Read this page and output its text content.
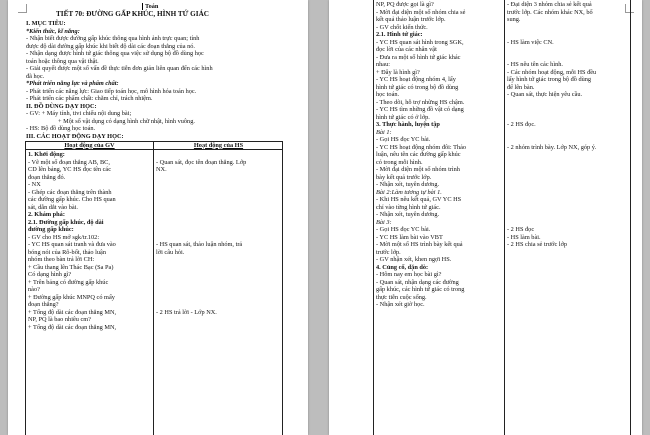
Toán
TIẾT 70: ĐƯỜNG GẤP KHÚC, HÌNH TỨ GIÁC
I. MỤC TIÊU:
*Kiến thức, kĩ năng:
- Nhận biết được đường gấp khúc thông qua hình ảnh trực quan; tính
được độ dài đường gấp khúc khi biết độ dài các đoạn thẳng của nó.
- Nhận dạng được hình tứ giác thông qua việc sử dụng bộ đồ dùng học
toán hoặc thông qua vật thật.
- Giải quyết được một số vấn đề thực tiễn đơn giản liên quan đến các hình
đã học.
*Phát triển năng lực và phẩm chất:
- Phát triển các năng lực: Giao tiếp toán học, mô hình hóa toán học.
- Phát triển các phẩm chất: chăm chỉ, trách nhiệm.
II. ĐỒ DÙNG DẠY HỌC:
- GV: + Máy tính, tivi chiếu nội dung bài;
+ Một số vật dụng có dạng hình chữ nhật, hình vuông.
- HS: Bộ đồ dùng học toán.
III. CÁC HOẠT ĐỘNG DẠY HỌC:
Hoạt động của GV	Hoạt động của HS
1. Khởi động:
- Vẽ một số đoạn thẳng AB, BC,
CD lên bảng, YC HS đọc tên các
đoạn thẳng đó.
- NX
- Ghép các đoạn thẳng trên thành
các đường gấp khúc. Cho HS quan
sát, dẫn dắt vào bài.
2. Khám phá:
2.1. Đường gấp khúc, độ dài
đường gấp khúc:
- GV cho HS mở sgk/tr.102:
- YC HS quan sát tranh và đưa vào
bóng nói của Rô-bốt, thảo luận
nhóm theo bàn trả lời CH:
+ Cầu thang lên Thác Bạc (Sa Pa)
Có dạng hình gì?
+ Trên bảng có đường gấp khúc
nào?
+ Đường gấp khúc MNPQ có mấy
đoạn thẳng?
+ Tổng độ dài các đoạn thẳng MN,
NP, PQ là bao nhiêu cm?
+ Tổng độ dài các đoạn thẳng MN,
- Quan sát, đọc tên đoạn thẳng. Lớp
NX.
- HS quan sát, thảo luận nhóm, trả
lời câu hỏi.
- 2 HS trả lời - Lớp NX.
NP, PQ được gọi là gì?
- Mời đại diện một số nhóm chia sẻ
kết quả thảo luận trước lớp.
- GV chốt kiến thức.
2.1. Hình tứ giác:
- YC HS quan sát hình trong SGK,
đọc lời của các nhân vật
- Đưa ra một số hình tứ giác khác
nhau:
+ Đây là hình gì?
- YC HS hoạt động nhóm 4, lấy
hình tứ giác có trong bộ đồ dùng
học toán.
- Theo dõi, hỗ trợ những HS chậm.
- YC HS tìm những đồ vật có dạng
hình tứ giác có ở lớp.
3. Thực hành, luyện tập
Bài 1:
- Gọi HS đọc YC bài.
- YC HS hoạt động nhóm đôi: Thảo
luận, nêu tên các đường gấp khúc
có trong mỗi hình.
- Mời đại diện một số nhóm trình
bày kết quả trước lớp.
- Nhận xét, tuyên dương.
Bài 2:Làm tương tự bài 1.
- Khi HS nêu kết quả, GV YC HS
chỉ vào từng hình tứ giác.
- Nhận xét, tuyên dương.
Bài 3:
- Gọi HS đọc YC bài.
- YC HS làm bài vào VBT
- Mời một số HS trình bày kết quả
trước lớp.
- GV nhận xét, khen ngợi HS.
4. Củng cố, dặn dò:
- Hôm nay em học bài gì?
- Quan sát, nhận dạng các đường
gấp khúc, các hình tứ giác có trong
thực tiễn cuộc sống.
- Nhận xét giờ học.
- Đại diện 3 nhóm chia sẻ kết quả
trước lớp. Các nhóm khác NX, bổ
sung.
- HS làm việc CN.
- HS nêu tên các hình.
- Các nhóm hoạt động, mỗi HS đều
lấy hình tứ giác trong bộ đồ dùng
để lên bàn.
- Quan sát, thực hiện yêu cầu.
- 2 HS đọc.
- 2 nhóm trình bày. Lớp NX, góp ý.
- 2 HS đọc
- HS làm bài.
- 2 HS chia sẻ trước lớp
